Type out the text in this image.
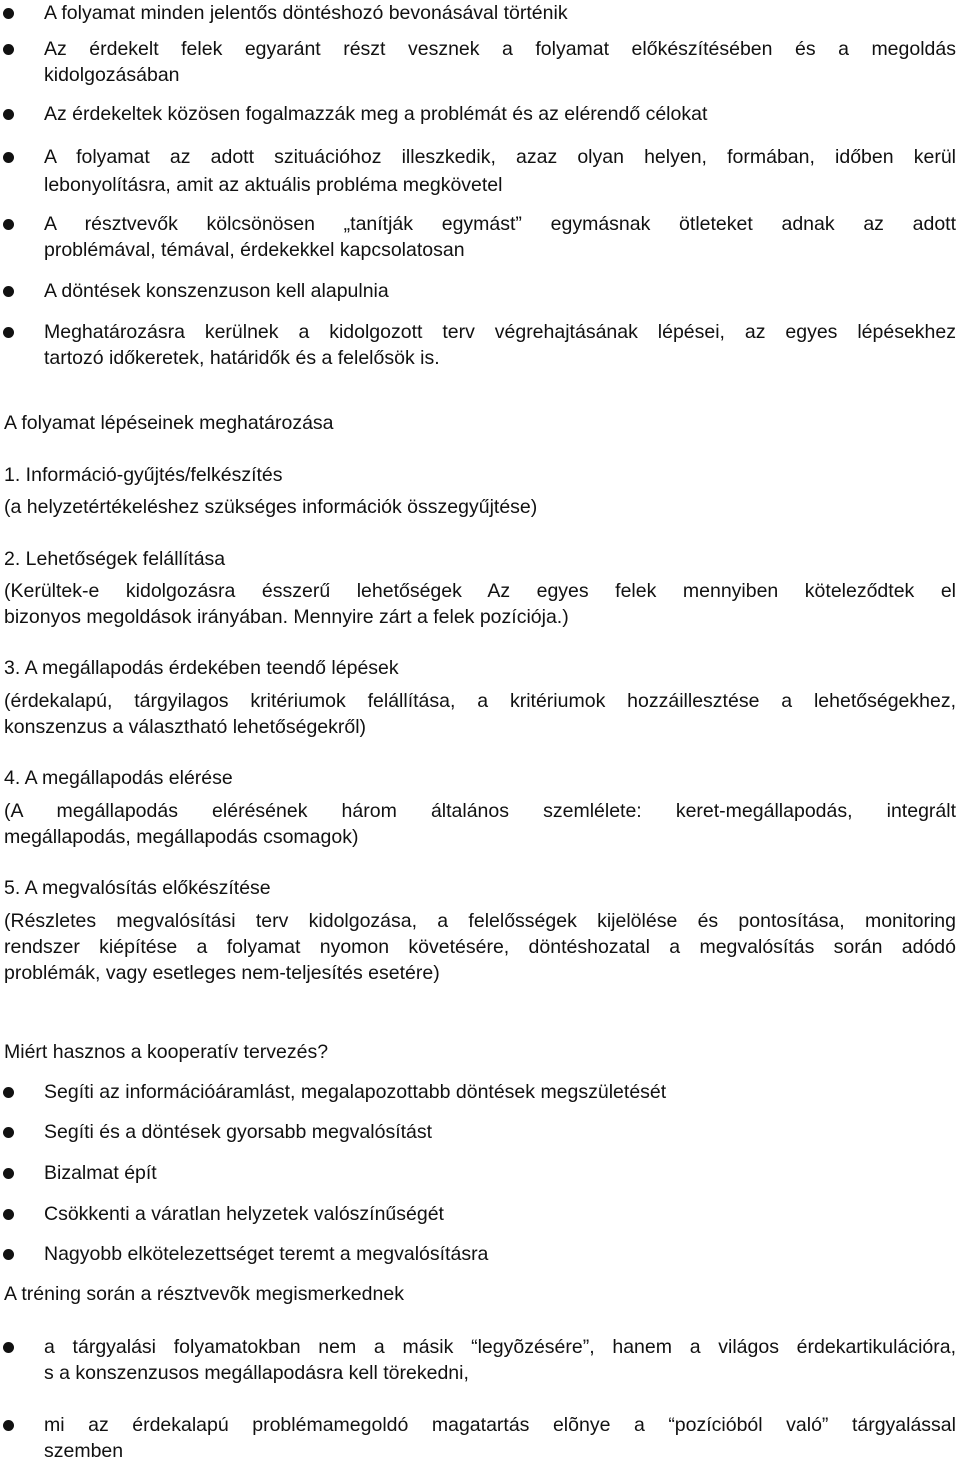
A folyamat minden jelentős döntéshozó bevonásával történik
Az érdekelt felek egyaránt részt vesznek a folyamat előkészítésében és a megoldás
kidolgozásában
Az érdekeltek közösen fogalmazzák meg a problémát és az elérendő célokat
A folyamat az adott szituációhoz illeszkedik, azaz olyan helyen, formában, időben kerül
lebonyolításra, amit az aktuális probléma megkövetel
A résztvevők kölcsönösen „tanítják egymást” egymásnak ötleteket adnak az adott
problémával, témával, érdekekkel kapcsolatosan
A döntések konszenzuson kell alapulnia
Meghatározásra kerülnek a kidolgozott terv végrehajtásának lépései, az egyes lépésekhez
tartozó időkeretek, határidők és a felelősök is.
A folyamat lépéseinek meghatározása
1. Információ-gyűjtés/felkészítés
(a helyzetértékeléshez szükséges információk összegyűjtése)
2. Lehetőségek felállítása
(Kerültek-e kidolgozásra ésszerű lehetőségek Az egyes felek mennyiben köteleződtek el
bizonyos megoldások irányában. Mennyire zárt a felek pozíciója.)
3. A megállapodás érdekében teendő lépések
(érdekalapú, tárgyilagos kritériumok felállítása, a kritériumok hozzáillesztése a lehetőségekhez,
konszenzus a választható lehetőségekről)
4. A megállapodás elérése
(A megállapodás elérésének három általános szemlélete: keret-megállapodás, integrált
megállapodás, megállapodás csomagok)
5. A megvalósítás előkészítése
(Részletes megvalósítási terv kidolgozása, a felelősségek kijelölése és pontosítása, monitoring
rendszer kiépítése a folyamat nyomon követésére, döntéshozatal a megvalósítás során adódó
problémák, vagy esetleges nem-teljesítés esetére)
Miért hasznos a kooperatív tervezés?
Segíti az információáramlást, megalapozottabb döntések megszületését
Segíti és a döntések gyorsabb megvalósítást
Bizalmat épít
Csökkenti a váratlan helyzetek valószínűségét
Nagyobb elkötelezettséget teremt a megvalósításra
A tréning során a résztvevõk megismerkednek
a tárgyalási folyamatokban nem a másik “legyõzésére”, hanem a világos érdekartikulációra,
s a konszenzusos megállapodásra kell törekedni,
mi az érdekalapú problémamegoldó magatartás elõnye a “pozícióból való” tárgyalással
szemben
